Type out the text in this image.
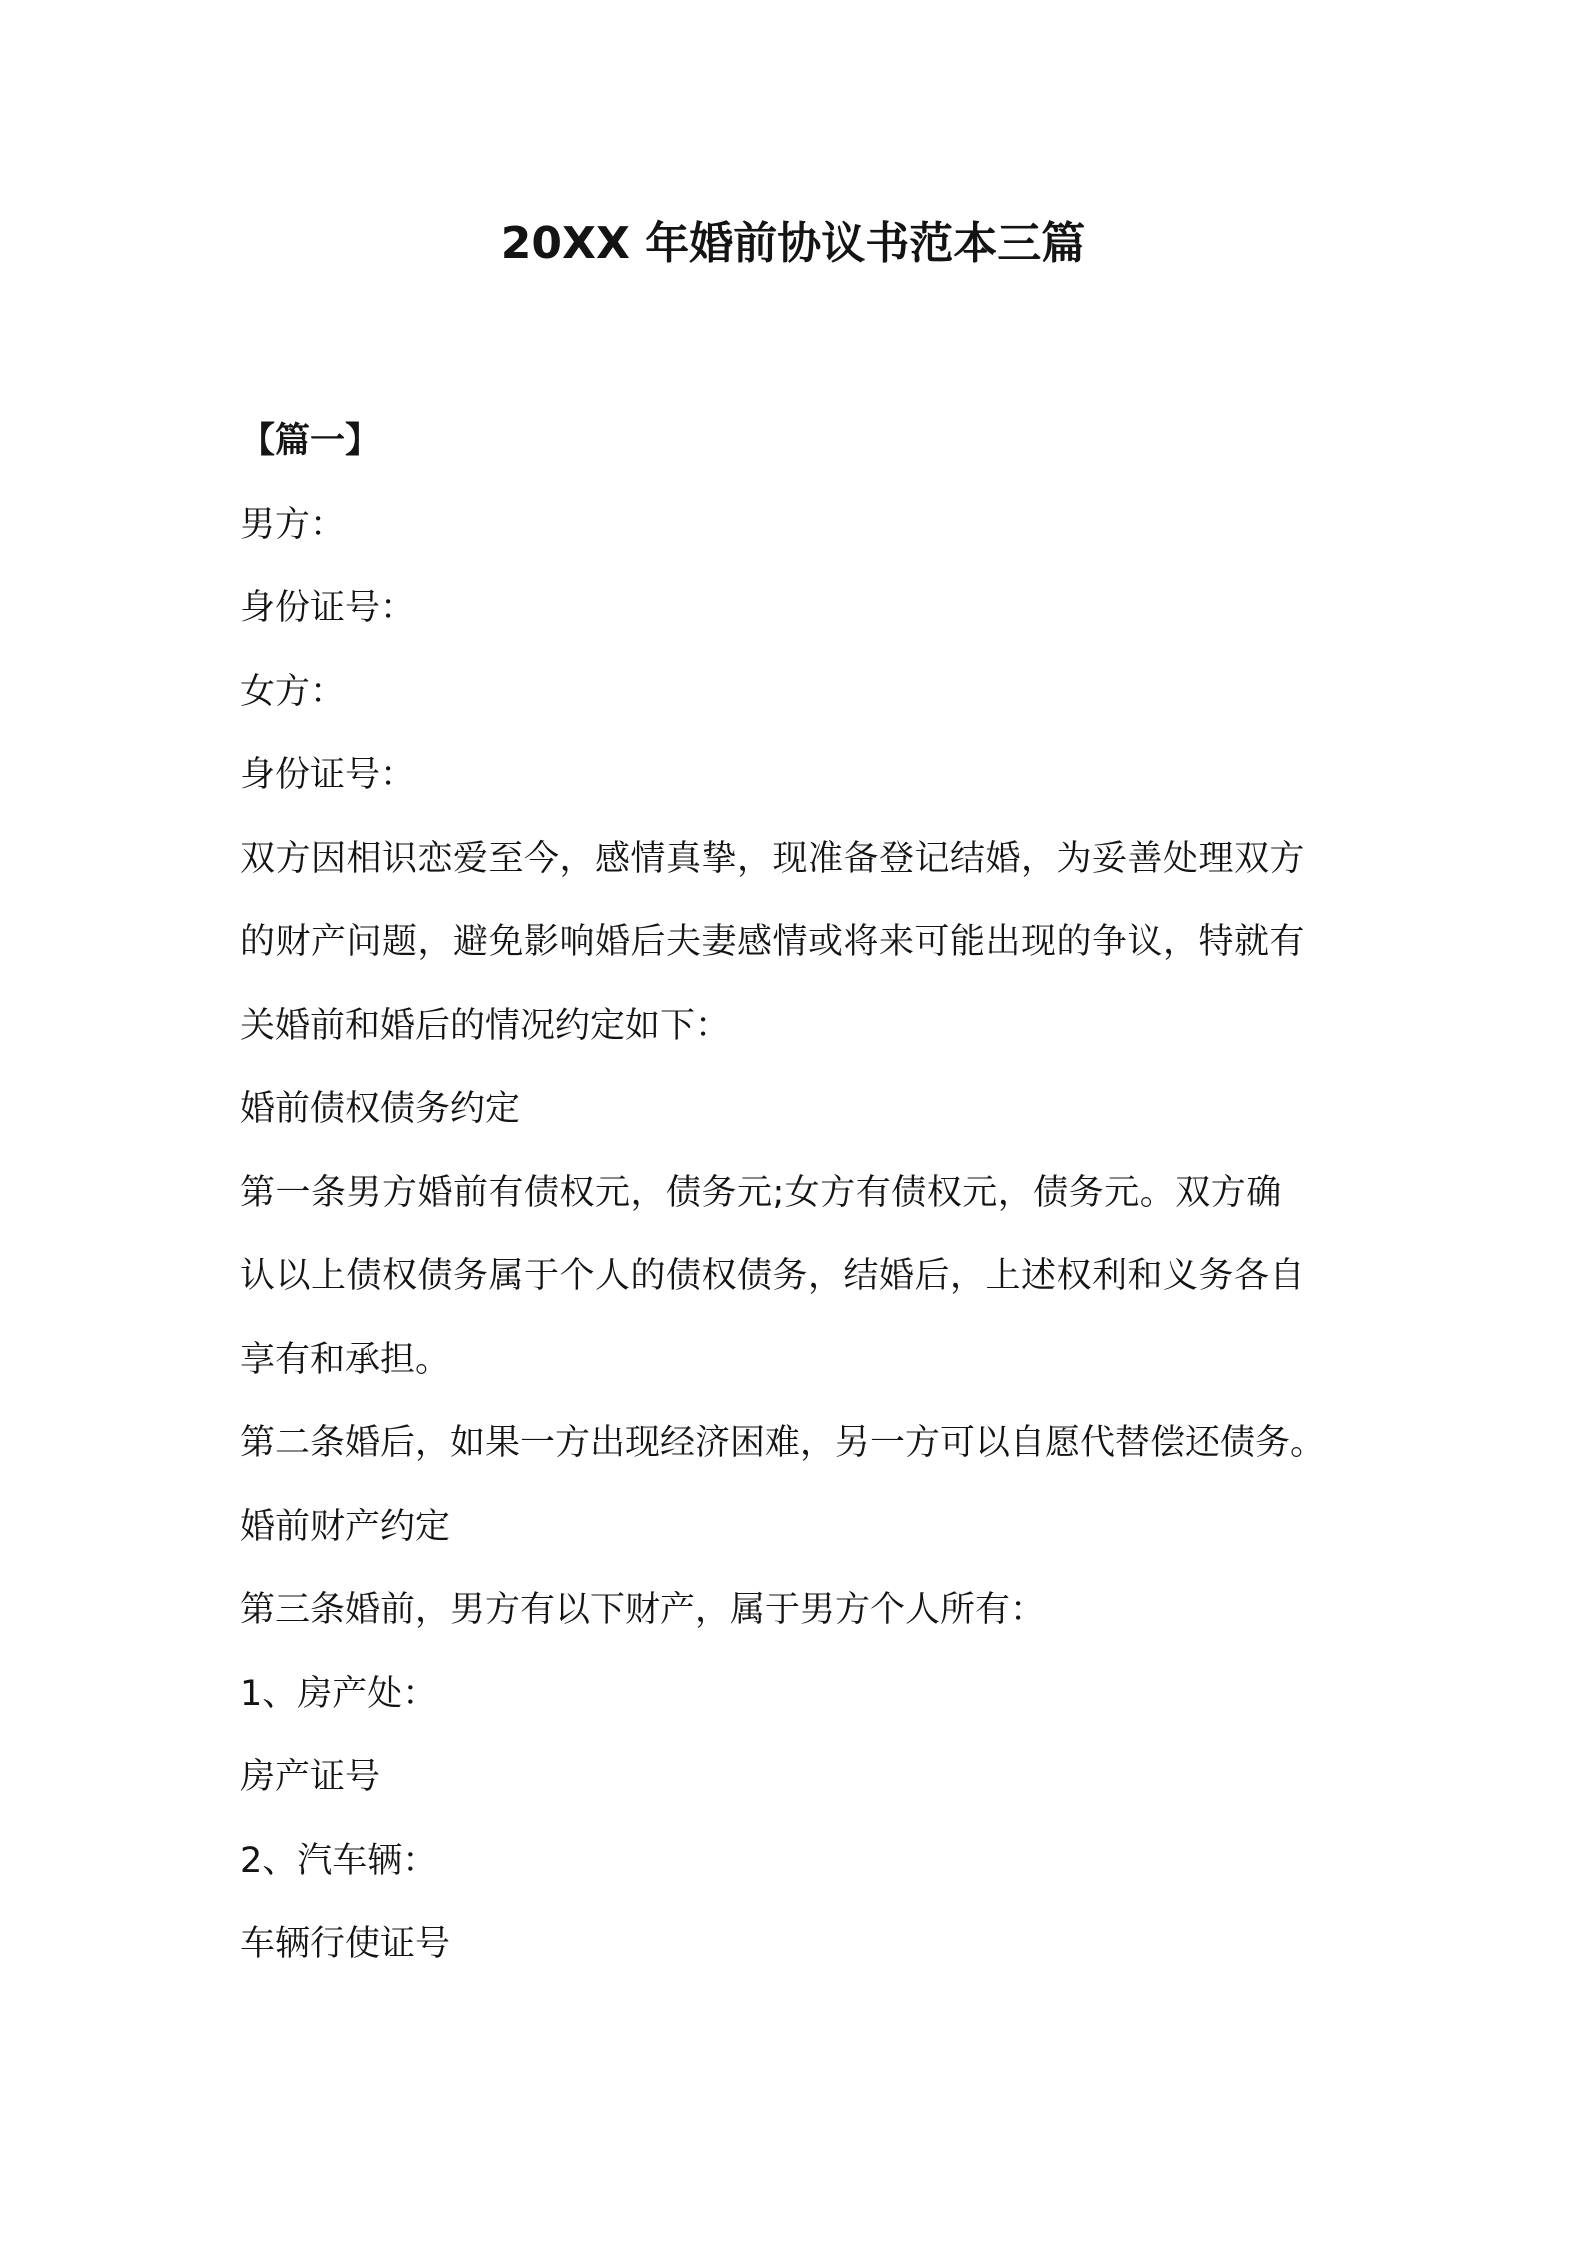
20XX 年婚前协议书范本三篇
【篇一】
男方：
身份证号：
女方：
身份证号：
双方因相识恋爱至今，感情真挚，现准备登记结婚，为妥善处理双方
的财产问题，避免影响婚后夫妻感情或将来可能出现的争议，特就有
关婚前和婚后的情况约定如下：
婚前债权债务约定
第一条男方婚前有债权元，债务元;女方有债权元，债务元。双方确
认以上债权债务属于个人的债权债务，结婚后，上述权利和义务各自
享有和承担。
第二条婚后，如果一方出现经济困难，另一方可以自愿代替偿还债务。
婚前财产约定
第三条婚前，男方有以下财产，属于男方个人所有：
1、房产处：
房产证号
2、汽车辆：
车辆行使证号
